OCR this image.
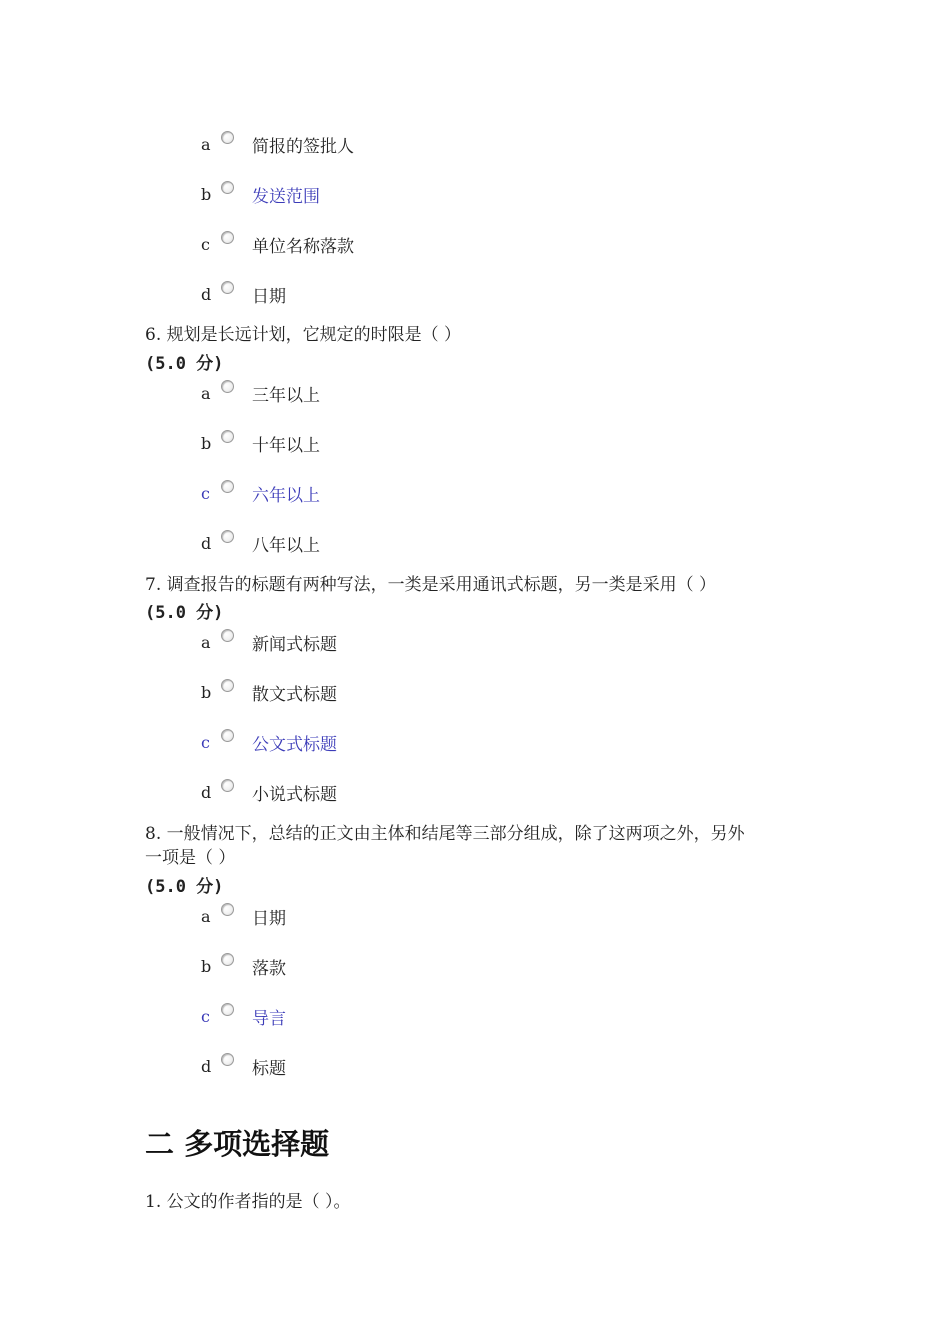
a	简报的签批人
b	发送范围
c	单位名称落款
d	日期
6. 规划是长远计划，它规定的时限是（ ）
(5.0 分)
a	三年以上
b	十年以上
c	六年以上
d	八年以上
7. 调查报告的标题有两种写法，一类是采用通讯式标题，另一类是采用（ ）
(5.0 分)
a	新闻式标题
b	散文式标题
c	公文式标题
d	小说式标题
8. 一般情况下，总结的正文由主体和结尾等三部分组成，除了这两项之外，另外
一项是（ ）
(5.0 分)
a	日期
b	落款
c	导言
d	标题
二 多项选择题
1. 公文的作者指的是（ ）。
